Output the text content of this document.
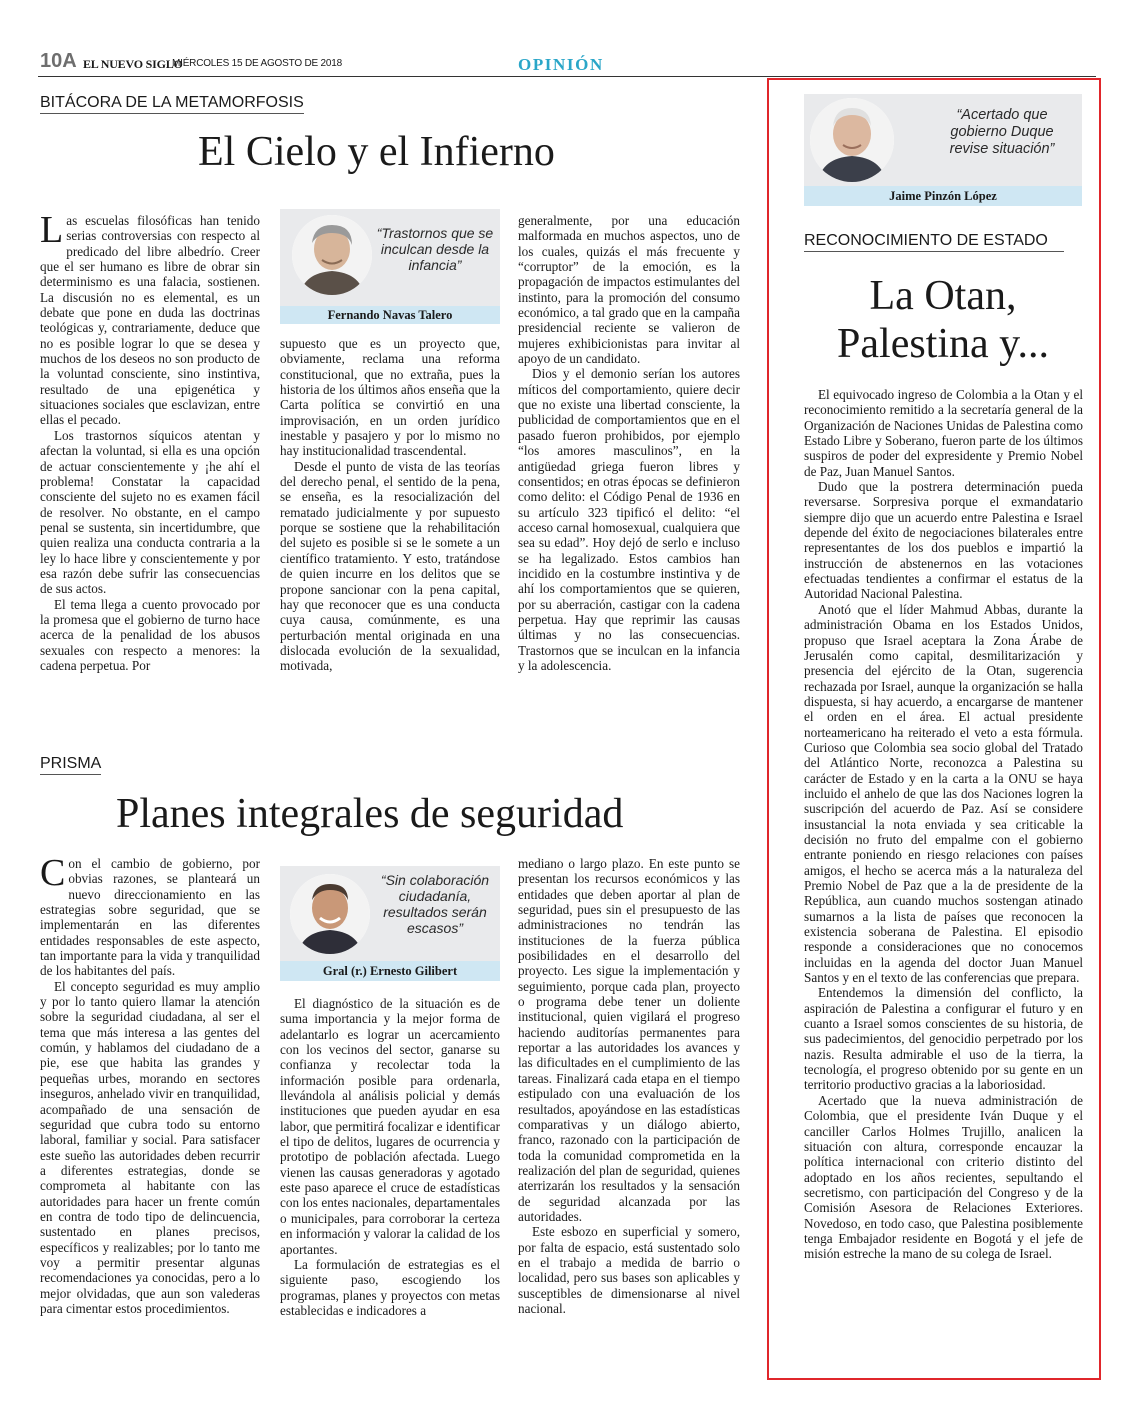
10A EL NUEVO SIGLO
MIÉRCOLES 15 DE AGOSTO DE 2018	OPINIÓN
BITÁCORA DE LA METAMORFOSIS
El Cielo y el Infierno

Las escuelas filosóficas han tenido serias controversias con respecto al predicado del libre albedrío. Creer que el ser humano es libre de obrar sin determinismo es una falacia, sostienen. La discusión no es elemental, es un debate que pone en duda las doctrinas teológicas y, contrariamente, deduce que no es posible lograr lo que se desea y muchos de los deseos no son producto de la voluntad consciente, sino instintiva, resultado de una epigenética y situaciones sociales que esclavizan, entre ellas el pecado.

Los trastornos síquicos atentan y afectan la voluntad, si ella es una opción de actuar conscientemente y ¡he ahí el problema! Constatar la capacidad consciente del sujeto no es examen fácil de resolver. No obstante, en el campo penal se sustenta, sin incertidumbre, que quien realiza una conducta contraria a la ley lo hace libre y conscientemente y por esa razón debe sufrir las consecuencias de sus actos.

El tema llega a cuento provocado por la promesa que el gobierno de turno hace acerca de la penalidad de los abusos sexuales con respecto a menores: la cadena perpetua. Por

“Trastornos que se inculcan desde la infancia”
Fernando Navas Talero

supuesto que es un proyecto que, obviamente, reclama una reforma constitucional, que no extraña, pues la historia de los últimos años enseña que la Carta política se convirtió en una improvisación, en un orden jurídico inestable y pasajero y por lo mismo no hay institucionalidad trascendental.

Desde el punto de vista de las teorías del derecho penal, el sentido de la pena, se enseña, es la resocialización del rematado judicialmente y por supuesto porque se sostiene que la rehabilitación del sujeto es posible si se le somete a un científico tratamiento. Y esto, tratándose de quien incurre en los delitos que se propone sancionar con la pena capital, hay que reconocer que es una conducta cuya causa, comúnmente, es una perturbación mental originada en una dislocada evolución de la sexualidad, motivada,

generalmente, por una educación malformada en muchos aspectos, uno de los cuales, quizás el más frecuente y “corruptor” de la emoción, es la propagación de impactos estimulantes del instinto, para la promoción del consumo económico, a tal grado que en la campaña presidencial reciente se valieron de mujeres exhibicionistas para invitar al apoyo de un candidato.

Dios y el demonio serían los autores míticos del comportamiento, quiere decir que no existe una libertad consciente, la publicidad de comportamientos que en el pasado fueron prohibidos, por ejemplo “los amores masculinos”, en la antigüedad griega fueron libres y consentidos; en otras épocas se definieron como delito: el Código Penal de 1936 en su artículo 323 tipificó el delito: “el acceso carnal homosexual, cualquiera que sea su edad”. Hoy dejó de serlo e incluso se ha legalizado. Estos cambios han incidido en la costumbre instintiva y de ahí los comportamientos que se quieren, por su aberración, castigar con la cadena perpetua. Hay que reprimir las causas últimas y no las consecuencias. Trastornos que se inculcan en la infancia y la adolescencia.

PRISMA
Planes integrales de seguridad

Con el cambio de gobierno, por obvias razones, se planteará un nuevo direccionamiento en las estrategias sobre seguridad, que se implementarán en las diferentes entidades responsables de este aspecto, tan importante para la vida y tranquilidad de los habitantes del país.

El concepto seguridad es muy amplio y por lo tanto quiero llamar la atención sobre la seguridad ciudadana, al ser el tema que más interesa a las gentes del común, y hablamos del ciudadano de a pie, ese que habita las grandes y pequeñas urbes, morando en sectores inseguros, anhelado vivir en tranquilidad, acompañado de una sensación de seguridad que cubra todo su entorno laboral, familiar y social. Para satisfacer este sueño las autoridades deben recurrir a diferentes estrategias, donde se comprometa al habitante con las autoridades para hacer un frente común en contra de todo tipo de delincuencia, sustentado en planes precisos, específicos y realizables; por lo tanto me voy a permitir presentar algunas recomendaciones ya conocidas, pero a lo mejor olvidadas, que aun son valederas para cimentar estos procedimientos.

“Sin colaboración ciudadanía, resultados serán escasos”
Gral (r.) Ernesto Gilibert

El diagnóstico de la situación es de suma importancia y la mejor forma de adelantarlo es lograr un acercamiento con los vecinos del sector, ganarse su confianza y recolectar toda la información posible para ordenarla, llevándola al análisis policial y demás instituciones que pueden ayudar en esa labor, que permitirá focalizar e identificar el tipo de delitos, lugares de ocurrencia y prototipo de población afectada. Luego vienen las causas generadoras y agotado este paso aparece el cruce de estadísticas con los entes nacionales, departamentales o municipales, para corroborar la certeza en información y valorar la calidad de los aportantes.

La formulación de estrategias es el siguiente paso, escogiendo los programas, planes y proyectos con metas establecidas e indicadores a

mediano o largo plazo. En este punto se presentan los recursos económicos y las entidades que deben aportar al plan de seguridad, pues sin el presupuesto de las administraciones no tendrán las instituciones de la fuerza pública posibilidades en el desarrollo del proyecto. Les sigue la implementación y seguimiento, porque cada plan, proyecto o programa debe tener un doliente institucional, quien vigilará el progreso haciendo auditorías permanentes para reportar a las autoridades los avances y las dificultades en el cumplimiento de las tareas. Finalizará cada etapa en el tiempo estipulado con una evaluación de los resultados, apoyándose en las estadísticas comparativas y un diálogo abierto, franco, razonado con la participación de toda la comunidad comprometida en la realización del plan de seguridad, quienes aterrizarán los resultados y la sensación de seguridad alcanzada por las autoridades.

Este esbozo en superficial y somero, por falta de espacio, está sustentado solo en el trabajo a medida de barrio o localidad, pero sus bases son aplicables y susceptibles de dimensionarse al nivel nacional.

“Acertado que gobierno Duque revise situación”
Jaime Pinzón López
RECONOCIMIENTO DE ESTADO
La Otan,
Palestina y...

El equivocado ingreso de Colombia a la Otan y el reconocimiento remitido a la secretaría general de la Organización de Naciones Unidas de Palestina como Estado Libre y Soberano, fueron parte de los últimos suspiros de poder del expresidente y Premio Nobel de Paz, Juan Manuel Santos.

Dudo que la postrera determinación pueda reversarse. Sorpresiva porque el exmandatario siempre dijo que un acuerdo entre Palestina e Israel depende del éxito de negociaciones bilaterales entre representantes de los dos pueblos e impartió la instrucción de abstenernos en las votaciones efectuadas tendientes a confirmar el estatus de la Autoridad Nacional Palestina.

Anotó que el líder Mahmud Abbas, durante la administración Obama en los Estados Unidos, propuso que Israel aceptara la Zona Árabe de Jerusalén como capital, desmilitarización y presencia del ejército de la Otan, sugerencia rechazada por Israel, aunque la organización se halla dispuesta, si hay acuerdo, a encargarse de mantener el orden en el área. El actual presidente norteamericano ha reiterado el veto a esta fórmula. Curioso que Colombia sea socio global del Tratado del Atlántico Norte, reconozca a Palestina su carácter de Estado y en la carta a la ONU se haya incluido el anhelo de que las dos Naciones logren la suscripción del acuerdo de Paz. Así se considere insustancial la nota enviada y sea criticable la decisión no fruto del empalme con el gobierno entrante poniendo en riesgo relaciones con países amigos, el hecho se acerca más a la naturaleza del Premio Nobel de Paz que a la de presidente de la República, aun cuando muchos sostengan atinado sumarnos a la lista de países que reconocen la existencia soberana de Palestina. El episodio responde a consideraciones que no conocemos incluidas en la agenda del doctor Juan Manuel Santos y en el texto de las conferencias que prepara.

Entendemos la dimensión del conflicto, la aspiración de Palestina a configurar el futuro y en cuanto a Israel somos conscientes de su historia, de sus padecimientos, del genocidio perpetrado por los nazis. Resulta admirable el uso de la tierra, la tecnología, el progreso obtenido por su gente en un territorio productivo gracias a la laboriosidad.

Acertado que la nueva administración de Colombia, que el presidente Iván Duque y el canciller Carlos Holmes Trujillo, analicen la situación con altura, corresponde encauzar la política internacional con criterio distinto del adoptado en los años recientes, sepultando el secretismo, con participación del Congreso y de la Comisión Asesora de Relaciones Exteriores. Novedoso, en todo caso, que Palestina posiblemente tenga Embajador residente en Bogotá y el jefe de misión estreche la mano de su colega de Israel.
